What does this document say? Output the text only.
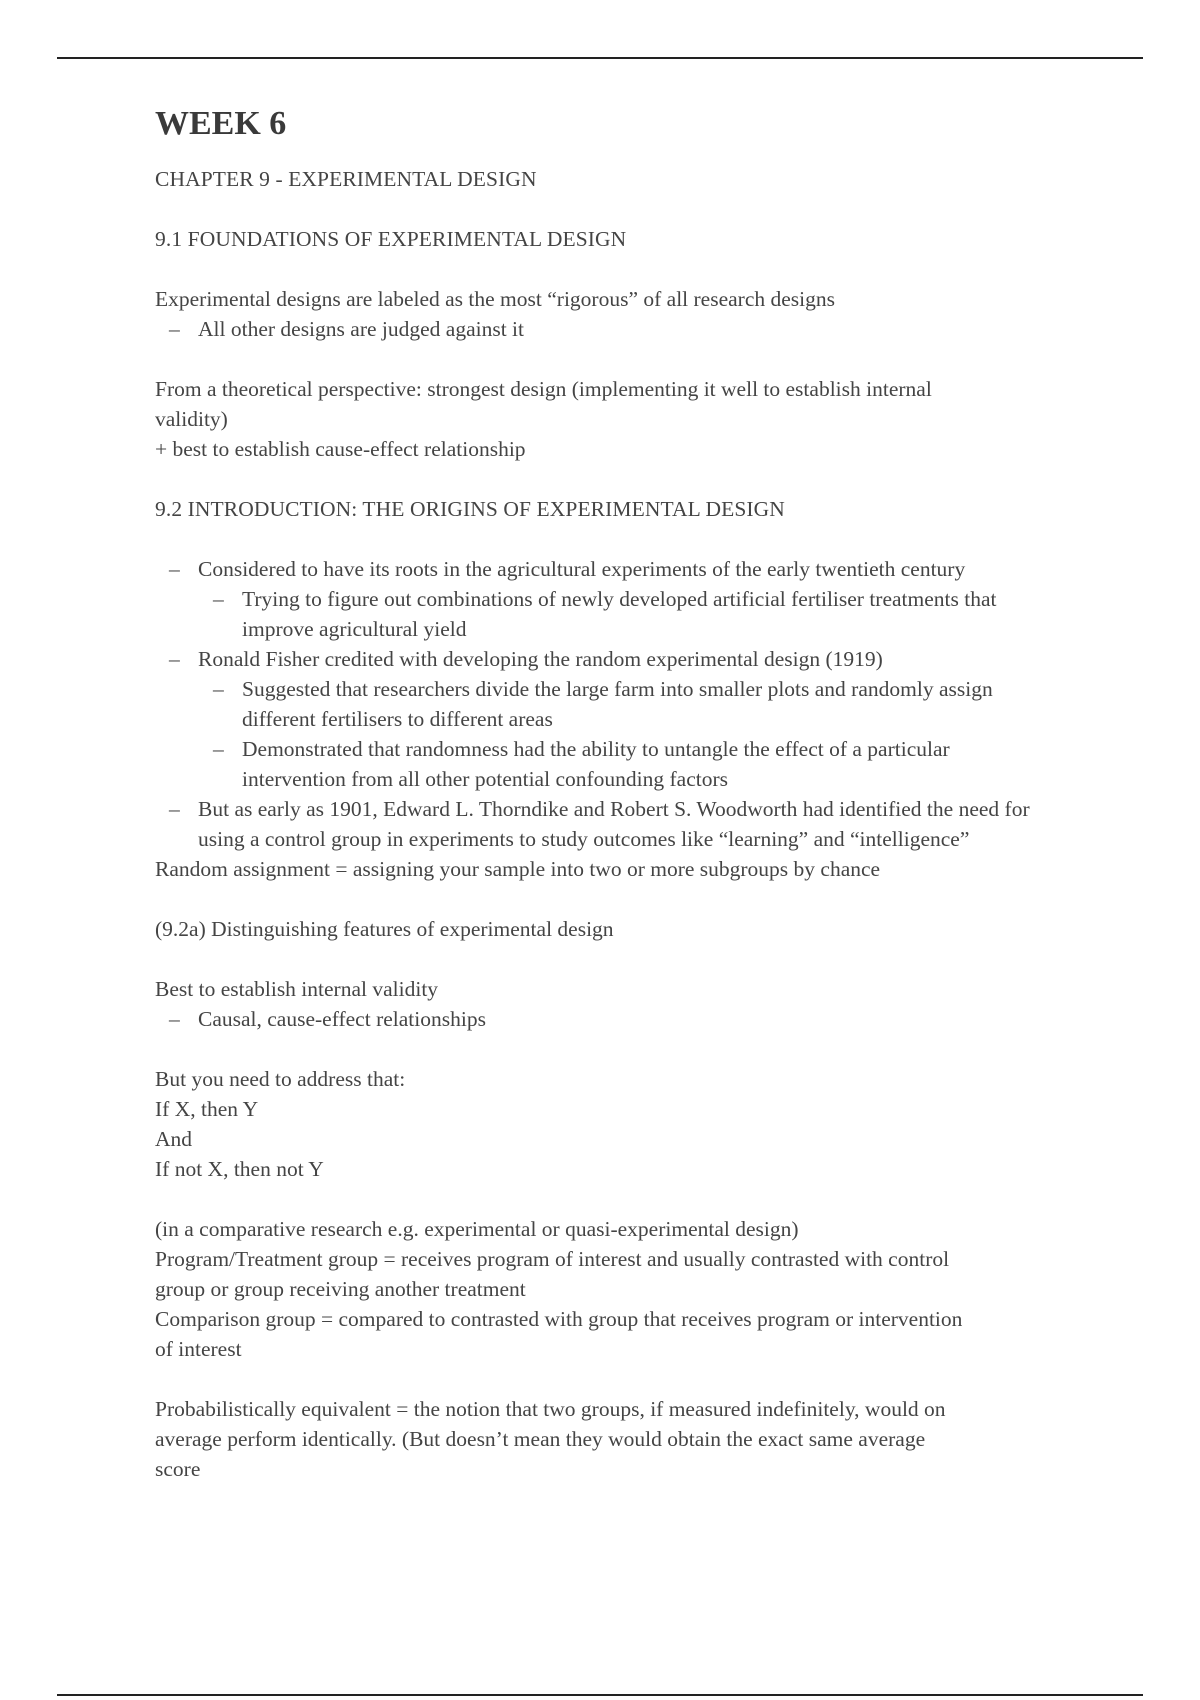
WEEK 6
CHAPTER 9 - EXPERIMENTAL DESIGN
9.1 FOUNDATIONS OF EXPERIMENTAL DESIGN
Experimental designs are labeled as the most “rigorous” of all research designs
– All other designs are judged against it
From a theoretical perspective: strongest design (implementing it well to establish internal
validity)
+ best to establish cause-effect relationship
9.2 INTRODUCTION: THE ORIGINS OF EXPERIMENTAL DESIGN
– Considered to have its roots in the agricultural experiments of the early twentieth century
– Trying to figure out combinations of newly developed artificial fertiliser treatments that improve agricultural yield
– Ronald Fisher credited with developing the random experimental design (1919)
– Suggested that researchers divide the large farm into smaller plots and randomly assign different fertilisers to different areas
– Demonstrated that randomness had the ability to untangle the effect of a particular intervention from all other potential confounding factors
– But as early as 1901, Edward L. Thorndike and Robert S. Woodworth had identified the need for using a control group in experiments to study outcomes like “learning” and “intelligence”
Random assignment = assigning your sample into two or more subgroups by chance
(9.2a) Distinguishing features of experimental design
Best to establish internal validity
– Causal, cause-effect relationships
But you need to address that:
If X, then Y
And
If not X, then not Y
(in a comparative research e.g. experimental or quasi-experimental design)
Program/Treatment group = receives program of interest and usually contrasted with control
group or group receiving another treatment
Comparison group = compared to contrasted with group that receives program or intervention
of interest
Probabilistically equivalent = the notion that two groups, if measured indefinitely, would on
average perform identically. (But doesn’t mean they would obtain the exact same average
score
